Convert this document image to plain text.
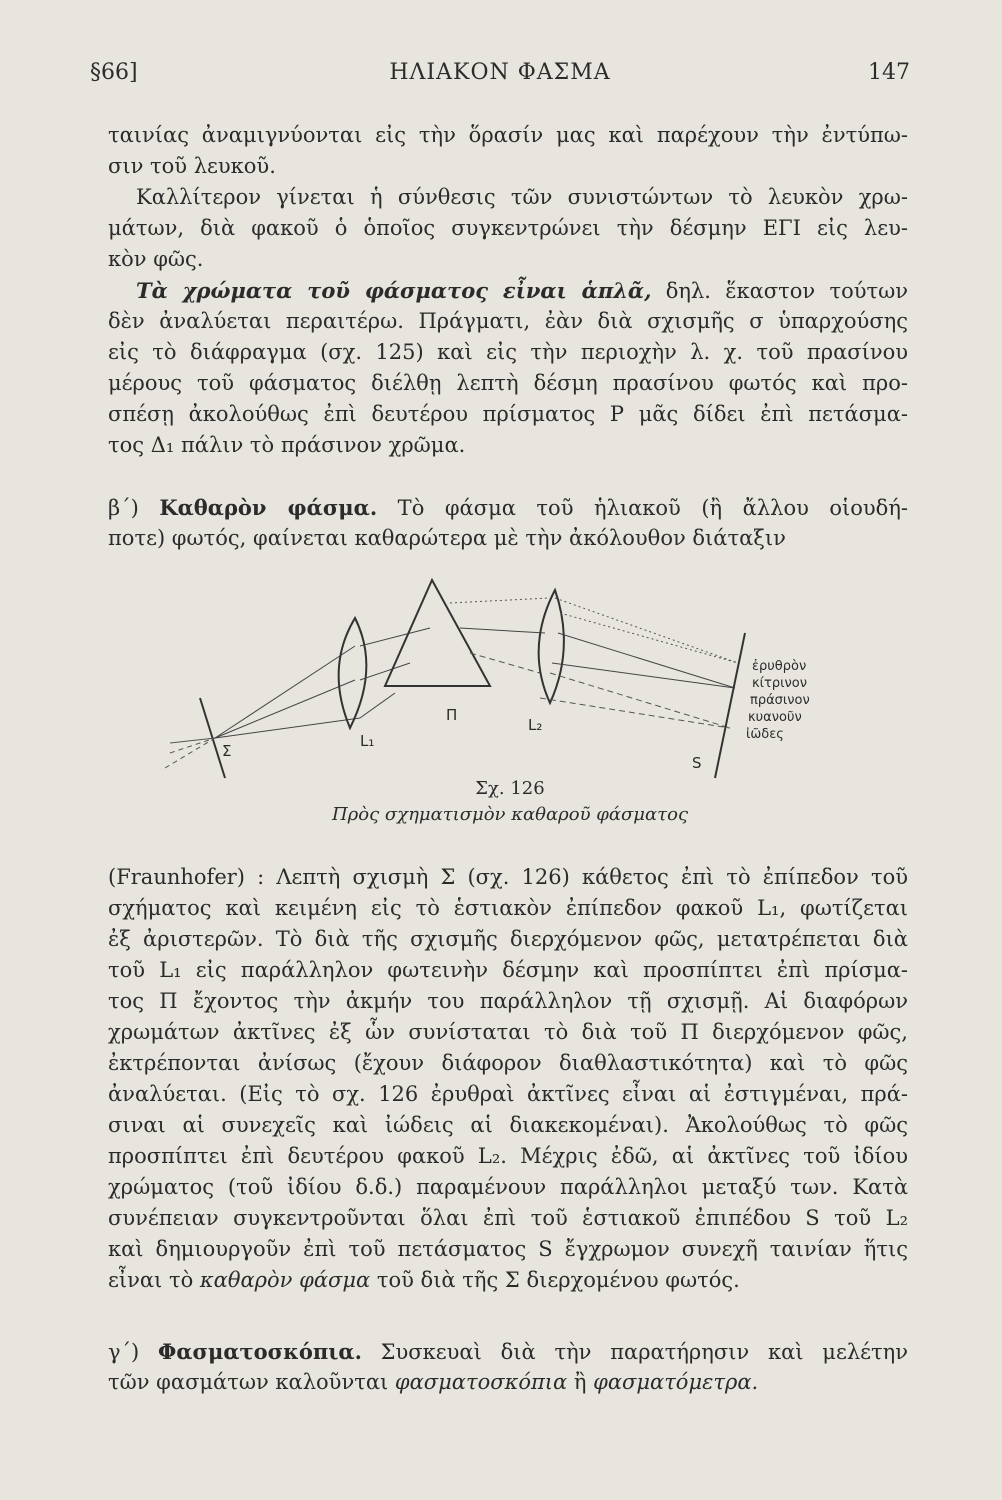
§66]	ΗΛΙΑΚΟΝ ΦΑΣΜΑ	147
ταινίας ἀναμιγνύονται εἰς τὴν ὅρασίν μας καὶ παρέχουν τὴν ἐντύπω-
σιν τοῦ λευκοῦ.
Καλλίτερον γίνεται ἡ σύνθεσις τῶν συνιστώντων τὸ λευκὸν χρω-
μάτων, διὰ φακοῦ ὁ ὁποῖος συγκεντρώνει τὴν δέσμην ΕΓΙ εἰς λευ-
κὸν φῶς.
Τὰ χρώματα τοῦ φάσματος εἶναι ἁπλᾶ, δηλ. ἕκαστον τούτων
δὲν ἀναλύεται περαιτέρω. Πράγματι, ἐὰν διὰ σχισμῆς σ ὑπαρχούσης
εἰς τὸ διάφραγμα (σχ. 125) καὶ εἰς τὴν περιοχὴν λ. χ. τοῦ πρασίνου
μέρους τοῦ φάσματος διέλθῃ λεπτὴ δέσμη πρασίνου φωτός καὶ προ-
σπέσῃ ἀκολούθως ἐπὶ δευτέρου πρίσματος Ρ μᾶς δίδει ἐπὶ πετάσμα-
τος Δ₁ πάλιν τὸ πράσινον χρῶμα.
β΄) Καθαρὸν φάσμα. Τὸ φάσμα τοῦ ἡλιακοῦ (ἢ ἄλλου οἱουδή-
ποτε) φωτός, φαίνεται καθαρώτερα μὲ τὴν ἀκόλουθον διάταξιν
Σ
L₁
Π
L₂
S
ἐρυθρὸν
κίτρινον
πράσινον
κυανοῦν
ἰῶδες
Σχ. 126
Πρὸς σχηματισμὸν καθαροῦ φάσματος
(Fraunhofer) : Λεπτὴ σχισμὴ Σ (σχ. 126) κάθετος ἐπὶ τὸ ἐπίπεδον τοῦ
σχήματος καὶ κειμένη εἰς τὸ ἑστιακὸν ἐπίπεδον φακοῦ L₁, φωτίζεται
ἐξ ἀριστερῶν. Τὸ διὰ τῆς σχισμῆς διερχόμενον φῶς, μετατρέπεται διὰ
τοῦ L₁ εἰς παράλληλον φωτεινὴν δέσμην καὶ προσπίπτει ἐπὶ πρίσμα-
τος Π ἔχοντος τὴν ἀκμήν του παράλληλον τῇ σχισμῇ. Αἱ διαφόρων
χρωμάτων ἀκτῖνες ἐξ ὧν συνίσταται τὸ διὰ τοῦ Π διερχόμενον φῶς,
ἐκτρέπονται ἀνίσως (ἔχουν διάφορον διαθλαστικότητα) καὶ τὸ φῶς
ἀναλύεται. (Εἰς τὸ σχ. 126 ἐρυθραὶ ἀκτῖνες εἶναι αἱ ἐστιγμέναι, πρά-
σιναι αἱ συνεχεῖς καὶ ἰώδεις αἱ διακεκομέναι). Ἀκολούθως τὸ φῶς
προσπίπτει ἐπὶ δευτέρου φακοῦ L₂. Μέχρις ἐδῶ, αἱ ἀκτῖνες τοῦ ἰδίου
χρώματος (τοῦ ἰδίου δ.δ.) παραμένουν παράλληλοι μεταξύ των. Κατὰ
συνέπειαν συγκεντροῦνται ὅλαι ἐπὶ τοῦ ἑστιακοῦ ἐπιπέδου S τοῦ L₂
καὶ δημιουργοῦν ἐπὶ τοῦ πετάσματος S ἔγχρωμον συνεχῆ ταινίαν ἥτις
εἶναι τὸ καθαρὸν φάσμα τοῦ διὰ τῆς Σ διερχομένου φωτός.
γ΄) Φασματοσκόπια. Συσκευαὶ διὰ τὴν παρατήρησιν καὶ μελέτην
τῶν φασμάτων καλοῦνται φασματοσκόπια ἢ φασματόμετρα.
